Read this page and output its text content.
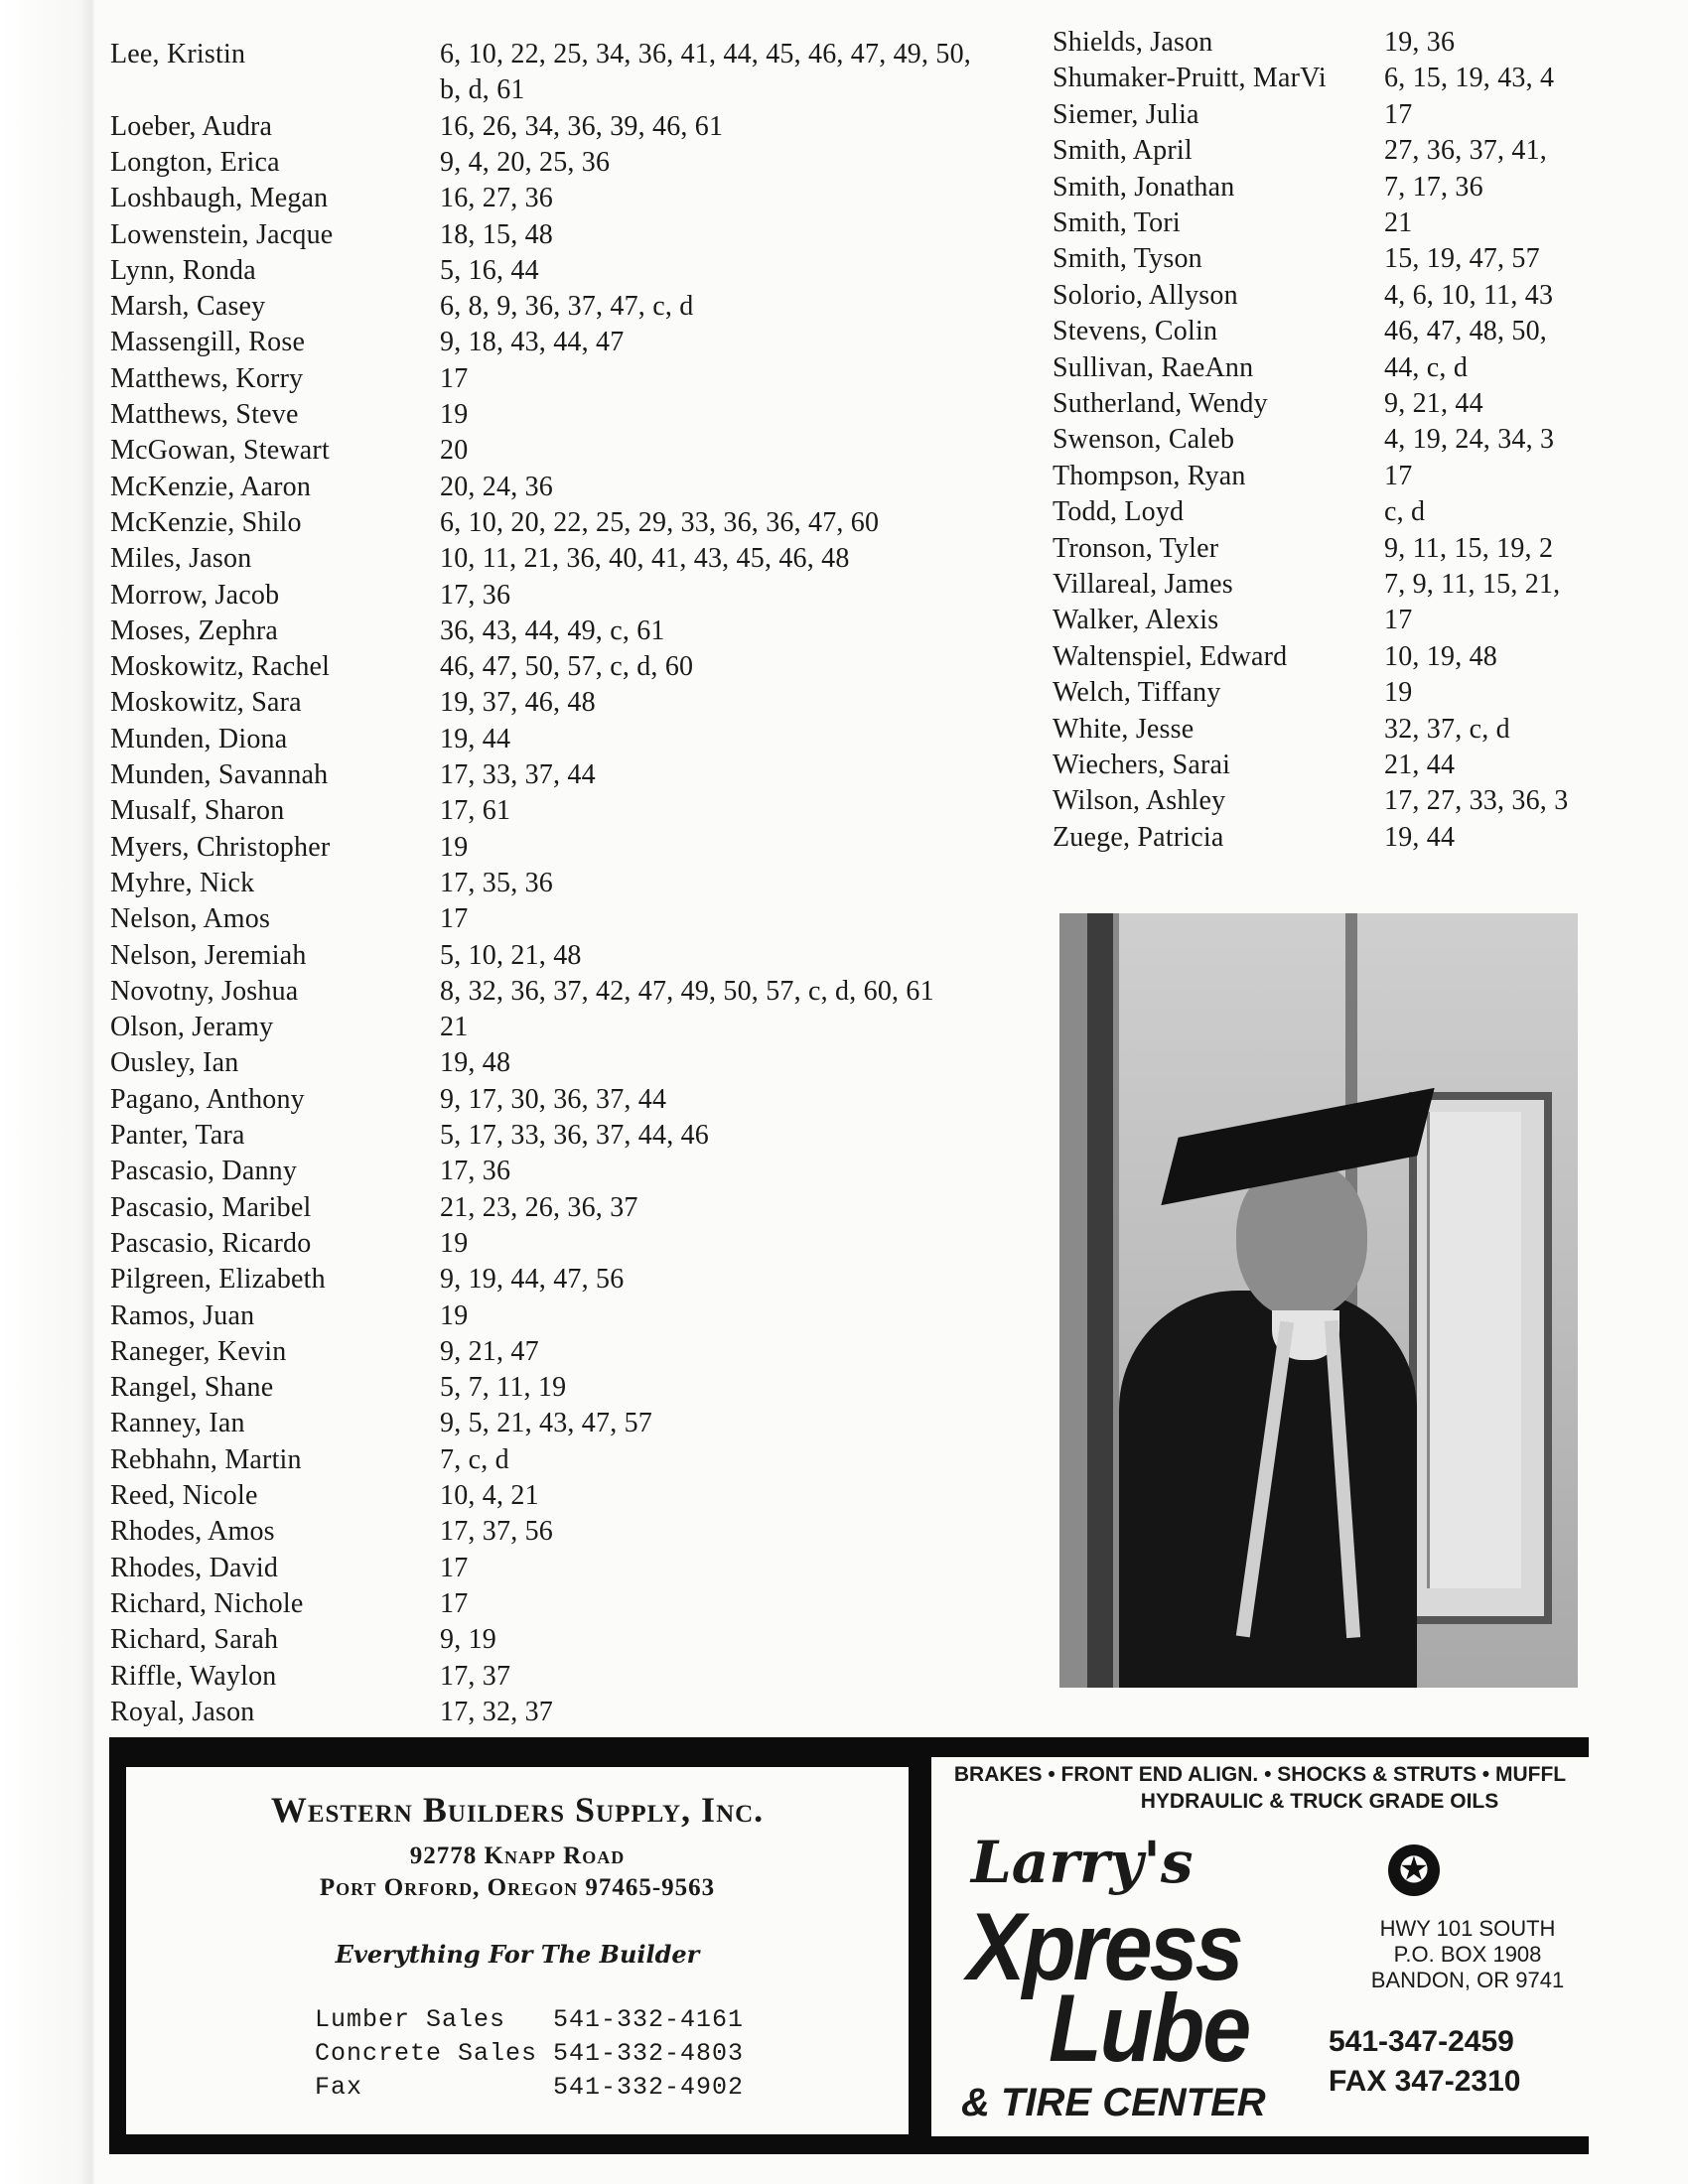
Lee, Kristin	6, 10, 22, 25, 34, 36, 41, 44, 45, 46, 47, 49, 50,
b, d, 61
Loeber, Audra	16, 26, 34, 36, 39, 46, 61
Longton, Erica	9, 4, 20, 25, 36
Loshbaugh, Megan	16, 27, 36
Lowenstein, Jacque	18, 15, 48
Lynn, Ronda	5, 16, 44
Marsh, Casey	6, 8, 9, 36, 37, 47, c, d
Massengill, Rose	9, 18, 43, 44, 47
Matthews, Korry	17
Matthews, Steve	19
McGowan, Stewart	20
McKenzie, Aaron	20, 24, 36
McKenzie, Shilo	6, 10, 20, 22, 25, 29, 33, 36, 36, 47, 60
Miles, Jason	10, 11, 21, 36, 40, 41, 43, 45, 46, 48
Morrow, Jacob	17, 36
Moses, Zephra	36, 43, 44, 49, c, 61
Moskowitz, Rachel	46, 47, 50, 57, c, d, 60
Moskowitz, Sara	19, 37, 46, 48
Munden, Diona	19, 44
Munden, Savannah	17, 33, 37, 44
Musalf, Sharon	17, 61
Myers, Christopher	19
Myhre, Nick	17, 35, 36
Nelson, Amos	17
Nelson, Jeremiah	5, 10, 21, 48
Novotny, Joshua	8, 32, 36, 37, 42, 47, 49, 50, 57, c, d, 60, 61
Olson, Jeramy	21
Ousley, Ian	19, 48
Pagano, Anthony	9, 17, 30, 36, 37, 44
Panter, Tara	5, 17, 33, 36, 37, 44, 46
Pascasio, Danny	17, 36
Pascasio, Maribel	21, 23, 26, 36, 37
Pascasio, Ricardo	19
Pilgreen, Elizabeth	9, 19, 44, 47, 56
Ramos, Juan	19
Raneger, Kevin	9, 21, 47
Rangel, Shane	5, 7, 11, 19
Ranney, Ian	9, 5, 21, 43, 47, 57
Rebhahn, Martin	7, c, d
Reed, Nicole	10, 4, 21
Rhodes, Amos	17, 37, 56
Rhodes, David	17
Richard, Nichole	17
Richard, Sarah	9, 19
Riffle, Waylon	17, 37
Royal, Jason	17, 32, 37
Shields, Jason	19, 36
Shumaker-Pruitt, MarVi 6, 15, 19, 43, 4
Siemer, Julia	17
Smith, April	27, 36, 37, 41,
Smith, Jonathan	7, 17, 36
Smith, Tori	21
Smith, Tyson	15, 19, 47, 57
Solorio, Allyson	4, 6, 10, 11, 43
Stevens, Colin	46, 47, 48, 50,
Sullivan, RaeAnn	44, c, d
Sutherland, Wendy	9, 21, 44
Swenson, Caleb	4, 19, 24, 34, 3
Thompson, Ryan	17
Todd, Loyd	c, d
Tronson, Tyler	9, 11, 15, 19, 2
Villareal, James	7, 9, 11, 15, 21,
Walker, Alexis	17
Waltenspiel, Edward	10, 19, 48
Welch, Tiffany	19
White, Jesse	32, 37, c, d
Wiechers, Sarai	21, 44
Wilson, Ashley	17, 27, 33, 36, 3
Zuege, Patricia	19, 44
Western Builders Supply, Inc.
92778 Knapp Road
Port Orford, Oregon 97465-9563
Everything For The Builder
Lumber Sales 541-332-4161
Concrete Sales 541-332-4803
Fax	541-332-4902
BRAKES • FRONT END ALIGN. • SHOCKS & STRUTS • MUFFL
HYDRAULIC & TRUCK GRADE OILS
Larry's
Xpress
Lube
& TIRE CENTER
✪
HWY 101 SOUTH
P.O. BOX 1908
BANDON, OR 9741
541-347-2459
FAX 347-2310
